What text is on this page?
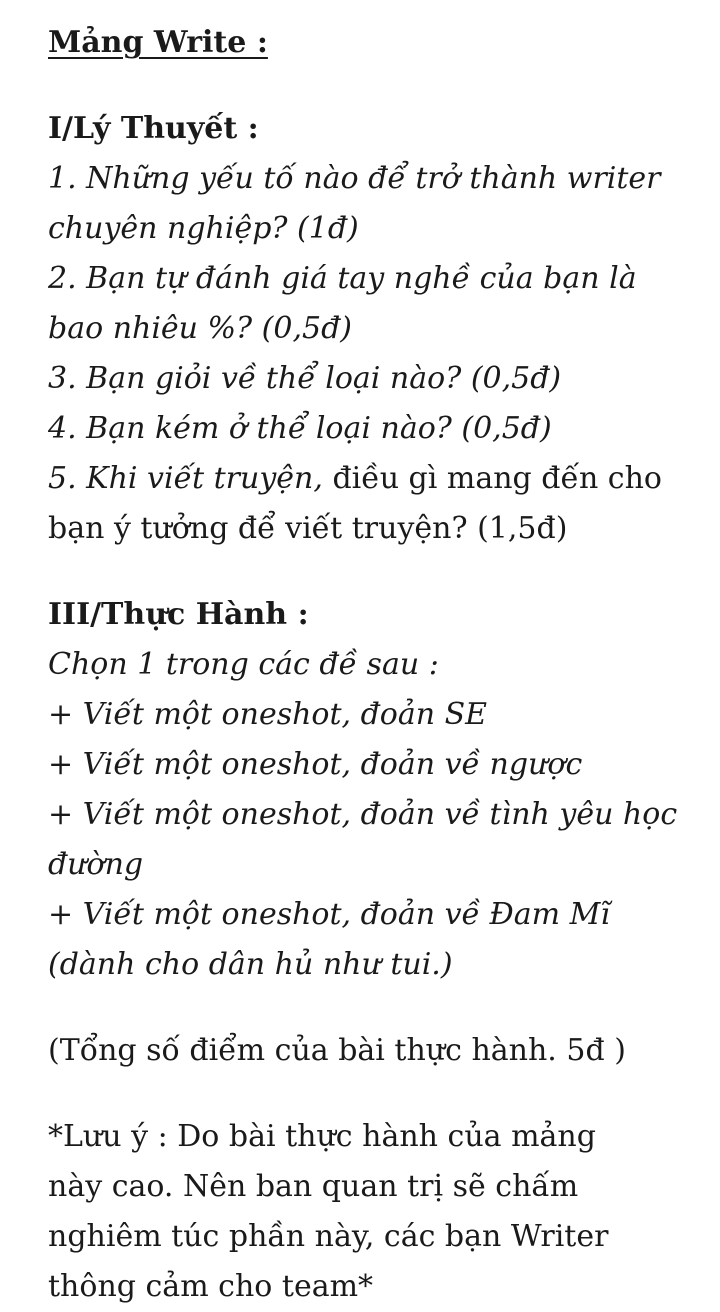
Mảng Write :
I/Lý Thuyết :
1. Những yếu tố nào để trở thành writer
chuyên nghiệp? (1đ)
2. Bạn tự đánh giá tay nghề của bạn là
bao nhiêu %? (0,5đ)
3. Bạn giỏi về thể loại nào? (0,5đ)
4. Bạn kém ở thể loại nào? (0,5đ)
5. Khi viết truyện, điều gì mang đến cho
bạn ý tưởng để viết truyện? (1,5đ)
III/Thực Hành :
Chọn 1 trong các đề sau :
+ Viết một oneshot, đoản SE
+ Viết một oneshot, đoản về ngược
+ Viết một oneshot, đoản về tình yêu học
đường
+ Viết một oneshot, đoản về Đam Mĩ
(dành cho dân hủ như tui.)
(Tổng số điểm của bài thực hành. 5đ )
*Lưu ý : Do bài thực hành của mảng
này cao. Nên ban quan trị sẽ chấm
nghiêm túc phần này, các bạn Writer
thông cảm cho team*
